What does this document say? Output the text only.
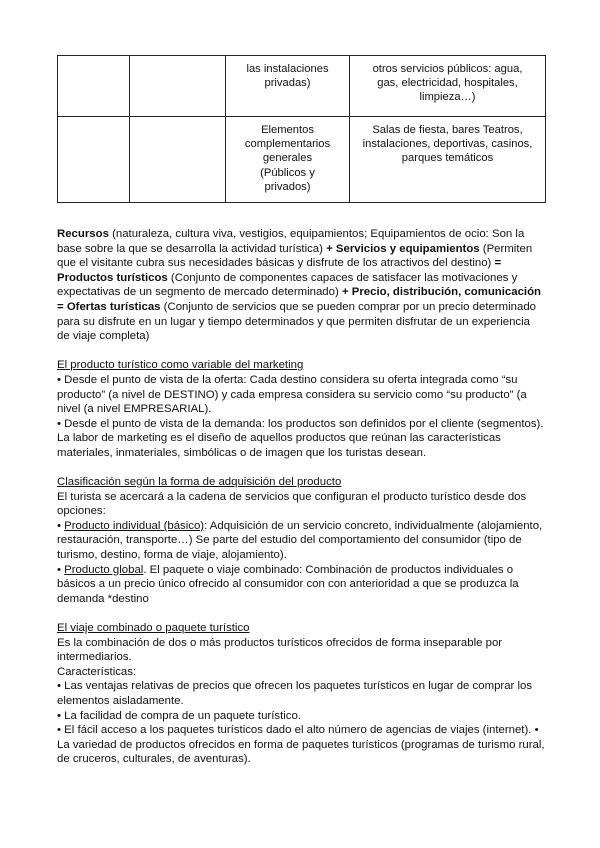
		las instalaciones privadas)	otros servicios públicos: agua, gas, electricidad, hospitales, limpieza…)
		Elementos complementarios generales (Públicos y privados)	Salas de fiesta, bares Teatros, instalaciones, deportivas, casinos, parques temáticos

Recursos (naturaleza, cultura viva, vestigios, equipamientos; Equipamientos de ocio: Son la base sobre la que se desarrolla la actividad turística) + Servicios y equipamientos (Permiten que el visitante cubra sus necesidades básicas y disfrute de los atractivos del destino) = Productos turísticos (Conjunto de componentes capaces de satisfacer las motivaciones y expectativas de un segmento de mercado determinado) + Precio, distribución, comunicación = Ofertas turísticas (Conjunto de servicios que se pueden comprar por un precio determinado para su disfrute en un lugar y tiempo determinados y que permiten disfrutar de un experiencia de viaje completa)

El producto turístico como variable del marketing

• Desde el punto de vista de la oferta: Cada destino considera su oferta integrada como “su producto” (a nivel de DESTINO) y cada empresa considera su servicio como “su producto” (a nivel (a nivel EMPRESARIAL).

• Desde el punto de vista de la demanda: los productos son definidos por el cliente (segmentos). La labor de marketing es el diseño de aquellos productos que reúnan las características materiales, inmateriales, simbólicas o de imagen que los turistas desean.

Clasificación según la forma de adquisición del producto

El turista se acercará a la cadena de servicios que configuran el producto turístico desde dos opciones:

• Producto individual (básico): Adquisición de un servicio concreto, individualmente (alojamiento, restauración, transporte…) Se parte del estudio del comportamiento del consumidor (tipo de turismo, destino, forma de viaje, alojamiento).

• Producto global. El paquete o viaje combinado: Combinación de productos individuales o básicos a un precio único ofrecido al consumidor con con anterioridad a que se produzca la demanda *destino

El viaje combinado o paquete turístico

Es la combinación de dos o más productos turísticos ofrecidos de forma inseparable por intermediarios.

Características:

• Las ventajas relativas de precios que ofrecen los paquetes turísticos en lugar de comprar los elementos aisladamente.

• La facilidad de compra de un paquete turístico.

• El fácil acceso a los paquetes turísticos dado el alto número de agencias de viajes (internet). • La variedad de productos ofrecidos en forma de paquetes turísticos (programas de turismo rural, de cruceros, culturales, de aventuras).
